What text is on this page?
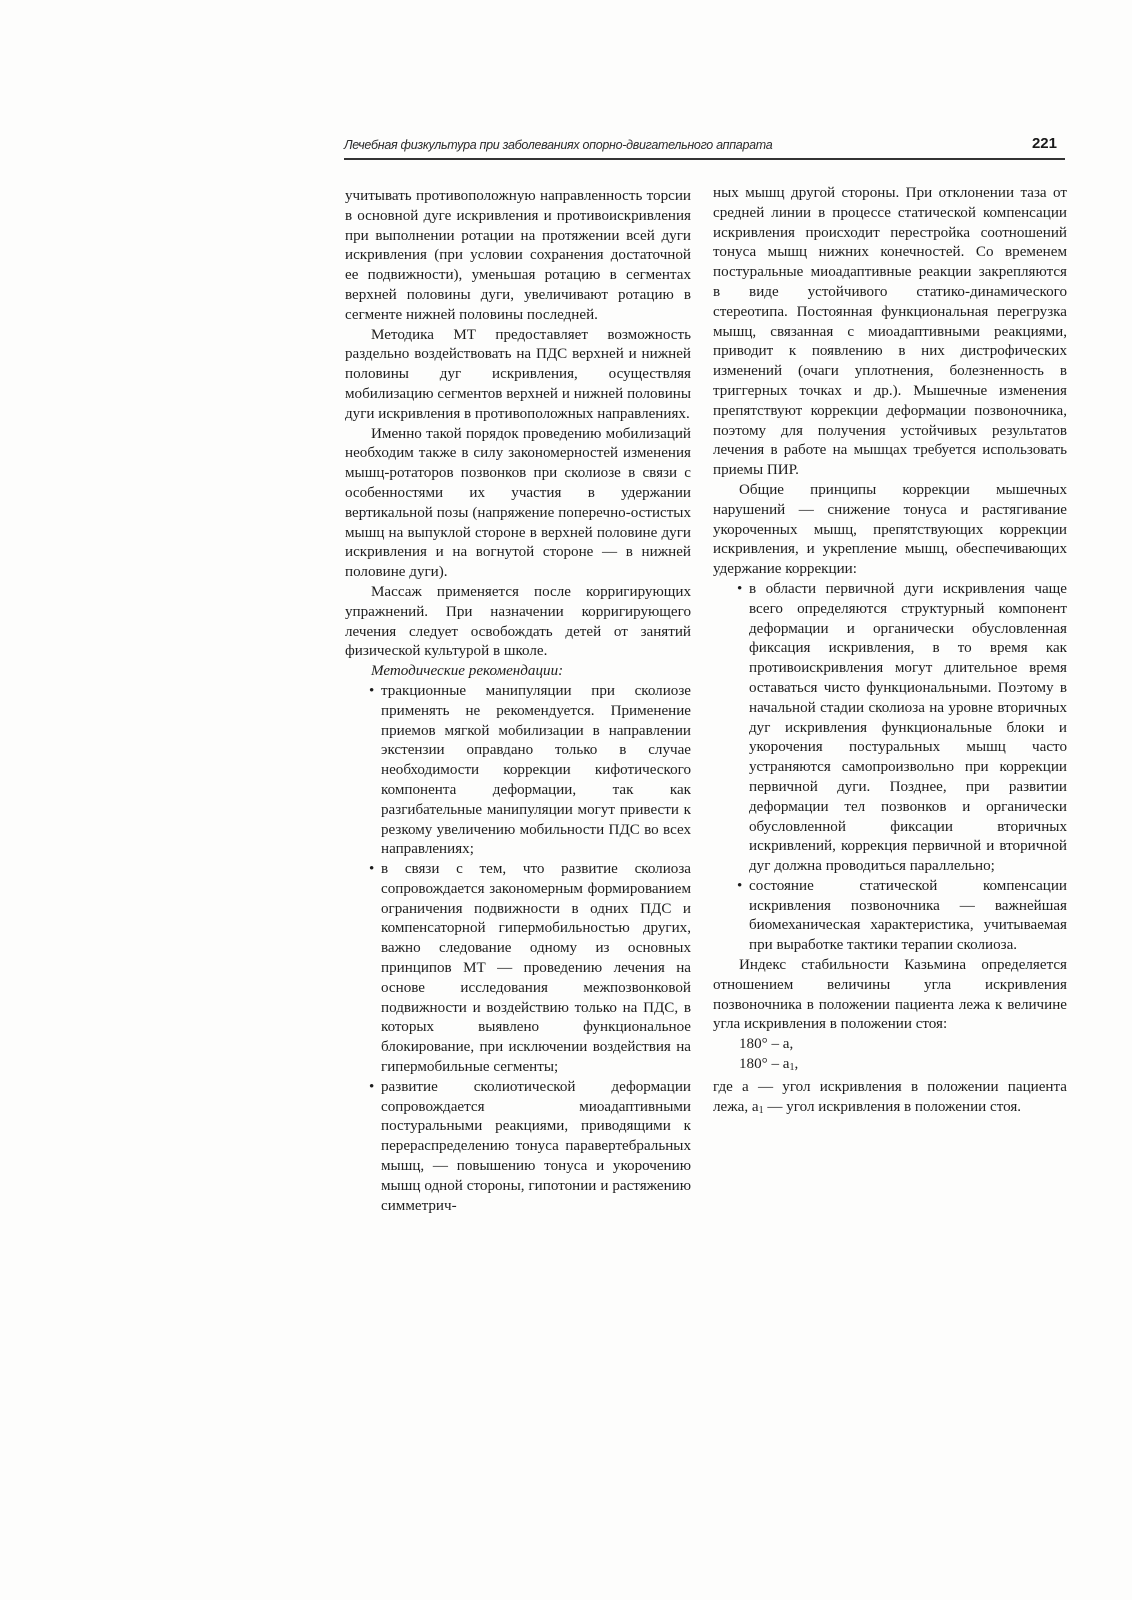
Лечебная физкультура при заболеваниях опорно-двигательного аппарата	221

учитывать противоположную направленность торсии в основной дуге искривления и противоискривления при выполнении ротации на протяжении всей дуги искривления (при условии сохранения достаточной ее подвижности), уменьшая ротацию в сегментах верхней половины дуги, увеличивают ротацию в сегменте нижней половины последней.

Методика МТ предоставляет возможность раздельно воздействовать на ПДС верхней и нижней половины дуг искривления, осуществляя мобилизацию сегментов верхней и нижней половины дуги искривления в противоположных направлениях.

Именно такой порядок проведению мобилизаций необходим также в силу закономерностей изменения мышц-ротаторов позвонков при сколиозе в связи с особенностями их участия в удержании вертикальной позы (напряжение поперечно-остистых мышц на выпуклой стороне в верхней половине дуги искривления и на вогнутой стороне — в нижней половине дуги).

Массаж применяется после корригирующих упражнений. При назначении корригирующего лечения следует освобождать детей от занятий физической культурой в школе.

Методические рекомендации:

• тракционные манипуляции при сколиозе применять не рекомендуется. Применение приемов мягкой мобилизации в направлении экстензии оправдано только в случае необходимости коррекции кифотического компонента деформации, так как разгибательные манипуляции могут привести к резкому увеличению мобильности ПДС во всех направлениях;
• в связи с тем, что развитие сколиоза сопровождается закономерным формированием ограничения подвижности в одних ПДС и компенсаторной гипермобильностью других, важно следование одному из основных принципов МТ — проведению лечения на основе исследования межпозвонковой подвижности и воздействию только на ПДС, в которых выявлено функциональное блокирование, при исключении воздействия на гипермобильные сегменты;
• развитие сколиотической деформации сопровождается миоадаптивными постуральными реакциями, приводящими к перераспределению тонуса паравертебральных мышц, — повышению тонуса и укорочению мышц одной стороны, гипотонии и растяжению симметрич-

ных мышц другой стороны. При отклонении таза от средней линии в процессе статической компенсации искривления происходит перестройка соотношений тонуса мышц нижних конечностей. Со временем постуральные миоадаптивные реакции закрепляются в виде устойчивого статико-динамического стереотипа. Постоянная функциональная перегрузка мышц, связанная с миоадаптивными реакциями, приводит к появлению в них дистрофических изменений (очаги уплотнения, болезненность в триггерных точках и др.). Мышечные изменения препятствуют коррекции деформации позвоночника, поэтому для получения устойчивых результатов лечения в работе на мышцах требуется использовать приемы ПИР.

Общие принципы коррекции мышечных нарушений — снижение тонуса и растягивание укороченных мышц, препятствующих коррекции искривления, и укрепление мышц, обеспечивающих удержание коррекции:

• в области первичной дуги искривления чаще всего определяются структурный компонент деформации и органически обусловленная фиксация искривления, в то время как противоискривления могут длительное время оставаться чисто функциональными. Поэтому в начальной стадии сколиоза на уровне вторичных дуг искривления функциональные блоки и укорочения постуральных мышц часто устраняются самопроизвольно при коррекции первичной дуги. Позднее, при развитии деформации тел позвонков и органически обусловленной фиксации вторичных искривлений, коррекция первичной и вторичной дуг должна проводиться параллельно;
• состояние статической компенсации искривления позвоночника — важнейшая биомеханическая характеристика, учитываемая при выработке тактики терапии сколиоза.

Индекс стабильности Казьмина определяется отношением величины угла искривления позвоночника в положении пациента лежа к величине угла искривления в положении стоя:

180° – a,

180° – a1,

где a — угол искривления в положении пациента лежа, a1 — угол искривления в положении стоя.
